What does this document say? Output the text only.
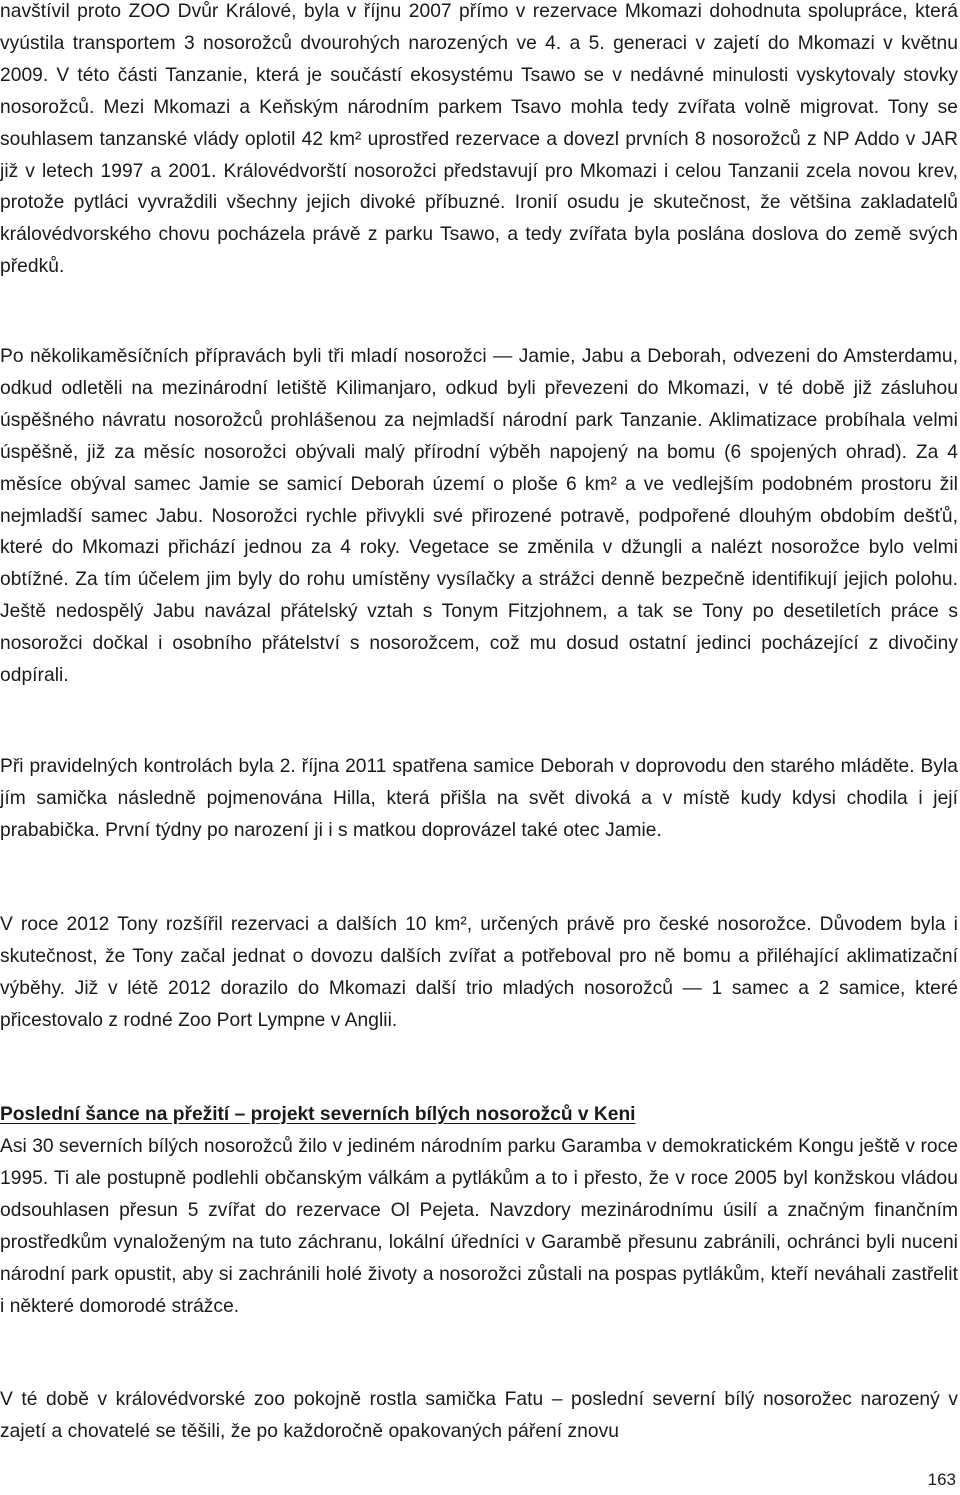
navštívil proto ZOO Dvůr Králové, byla v říjnu 2007 přímo v rezervace Mkomazi dohodnuta spolupráce, která vyústila transportem 3 nosorožců dvourohých narozených ve 4. a 5. generaci v zajetí do Mkomazi v květnu 2009. V této části Tanzanie, která je součástí ekosystému Tsawo se v nedávné minulosti vyskytovaly stovky nosorožců. Mezi Mkomazi a Keňským národním parkem Tsavo mohla tedy zvířata volně migrovat. Tony se souhlasem tanzanské vlády oplotil 42 km² uprostřed rezervace a dovezl prvních 8 nosorožců z NP Addo v JAR již v letech 1997 a 2001. Královédvorští nosorožci představují pro Mkomazi i celou Tanzanii zcela novou krev, protože pytláci vyvraždili všechny jejich divoké příbuzné. Ironií osudu je skutečnost, že většina zakladatelů královédvorského chovu pocházela právě z parku Tsawo, a tedy zvířata byla poslána doslova do země svých předků.

Po několikaměsíčních přípravách byli tři mladí nosorožci — Jamie, Jabu a Deborah, odvezeni do Amsterdamu, odkud odletěli na mezinárodní letiště Kilimanjaro, odkud byli převezeni do Mkomazi, v té době již zásluhou úspěšného návratu nosorožců prohlášenou za nejmladší národní park Tanzanie. Aklimatizace probíhala velmi úspěšně, již za měsíc nosorožci obývali malý přírodní výběh napojený na bomu (6 spojených ohrad). Za 4 měsíce obýval samec Jamie se samicí Deborah území o ploše 6 km² a ve vedlejším podobném prostoru žil nejmladší samec Jabu. Nosorožci rychle přivykli své přirozené potravě, podpořené dlouhým obdobím dešťů, které do Mkomazi přichází jednou za 4 roky. Vegetace se změnila v džungli a nalézt nosorožce bylo velmi obtížné. Za tím účelem jim byly do rohu umístěny vysílačky a strážci denně bezpečně identifikují jejich polohu. Ještě nedospělý Jabu navázal přátelský vztah s Tonym Fitzjohnem, a tak se Tony po desetiletích práce s nosorožci dočkal i osobního přátelství s nosorožcem, což mu dosud ostatní jedinci pocházející z divočiny odpírali.

Při pravidelných kontrolách byla 2. října 2011 spatřena samice Deborah v doprovodu den starého mláděte. Byla jím samička následně pojmenována Hilla, která přišla na svět divoká a v místě kudy kdysi chodila i její prababička. První týdny po narození ji i s matkou doprovázel také otec Jamie.

V roce 2012 Tony rozšířil rezervaci a dalších 10 km², určených právě pro české nosorožce. Důvodem byla i skutečnost, že Tony začal jednat o dovozu dalších zvířat a potřeboval pro ně bomu a přiléhající aklimatizační výběhy. Již v létě 2012 dorazilo do Mkomazi další trio mladých nosorožců — 1 samec a 2 samice, které přicestovalo z rodné Zoo Port Lympne v Anglii.

Poslední šance na přežití – projekt severních bílých nosorožců v Keni

Asi 30 severních bílých nosorožců žilo v jediném národním parku Garamba v demokratickém Kongu ještě v roce 1995. Ti ale postupně podlehli občanským válkám a pytlákům a to i přesto, že v roce 2005 byl konžskou vládou odsouhlasen přesun 5 zvířat do rezervace Ol Pejeta. Navzdory mezinárodnímu úsilí a značným finančním prostředkům vynaloženým na tuto záchranu, lokální úředníci v Garambě přesunu zabránili, ochránci byli nuceni národní park opustit, aby si zachránili holé životy a nosorožci zůstali na pospas pytlákům, kteří neváhali zastřelit i některé domorodé strážce.

V té době v královédvorské zoo pokojně rostla samička Fatu – poslední severní bílý nosorožec narozený v zajetí a chovatelé se těšili, že po každoročně opakovaných páření znovu

163
